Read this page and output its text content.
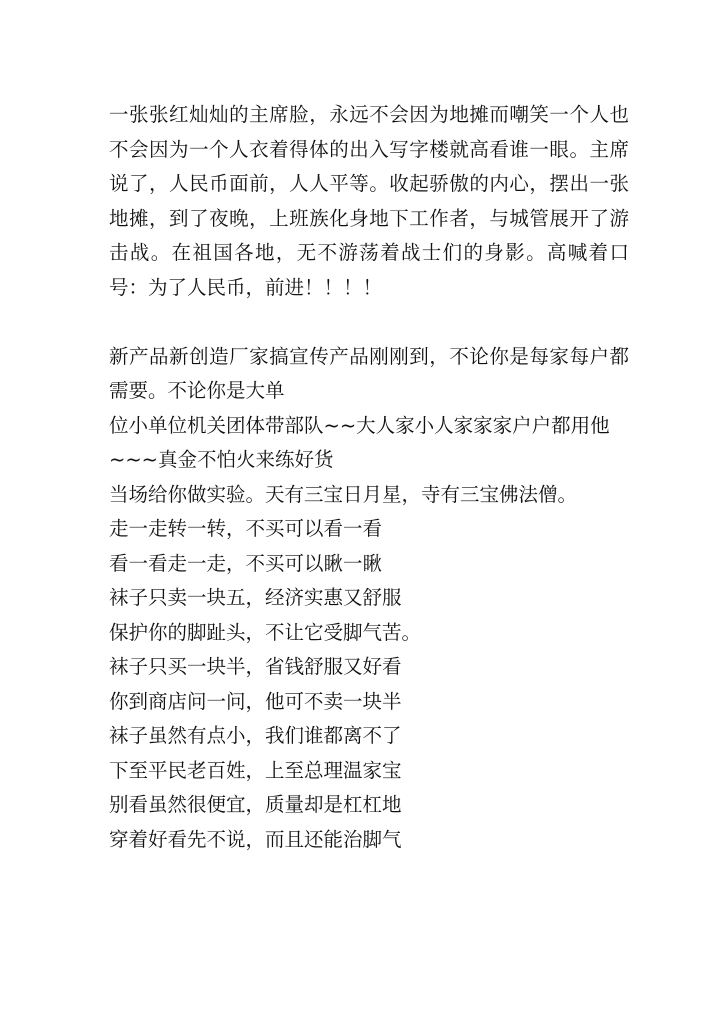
一张张红灿灿的主席脸，永远不会因为地摊而嘲笑一个人也不会因为一个人衣着得体的出入写字楼就高看谁一眼。主席说了，人民币面前，人人平等。收起骄傲的内心，摆出一张地摊，到了夜晚，上班族化身地下工作者，与城管展开了游击战。在祖国各地，无不游荡着战士们的身影。高喊着口号：为了人民币，前进！！！！

新产品新创造厂家搞宣传产品刚刚到，不论你是每家每户都需要。不论你是大单

位小单位机关团体带部队~~大人家小人家家家户户都用他

~~~真金不怕火来练好货

当场给你做实验。天有三宝日月星，寺有三宝佛法僧。

走一走转一转，不买可以看一看

看一看走一走，不买可以瞅一瞅

袜子只卖一块五，经济实惠又舒服

保护你的脚趾头，不让它受脚气苦。

袜子只买一块半，省钱舒服又好看

你到商店问一问，他可不卖一块半

袜子虽然有点小，我们谁都离不了

下至平民老百姓，上至总理温家宝

别看虽然很便宜，质量却是杠杠地

穿着好看先不说，而且还能治脚气
